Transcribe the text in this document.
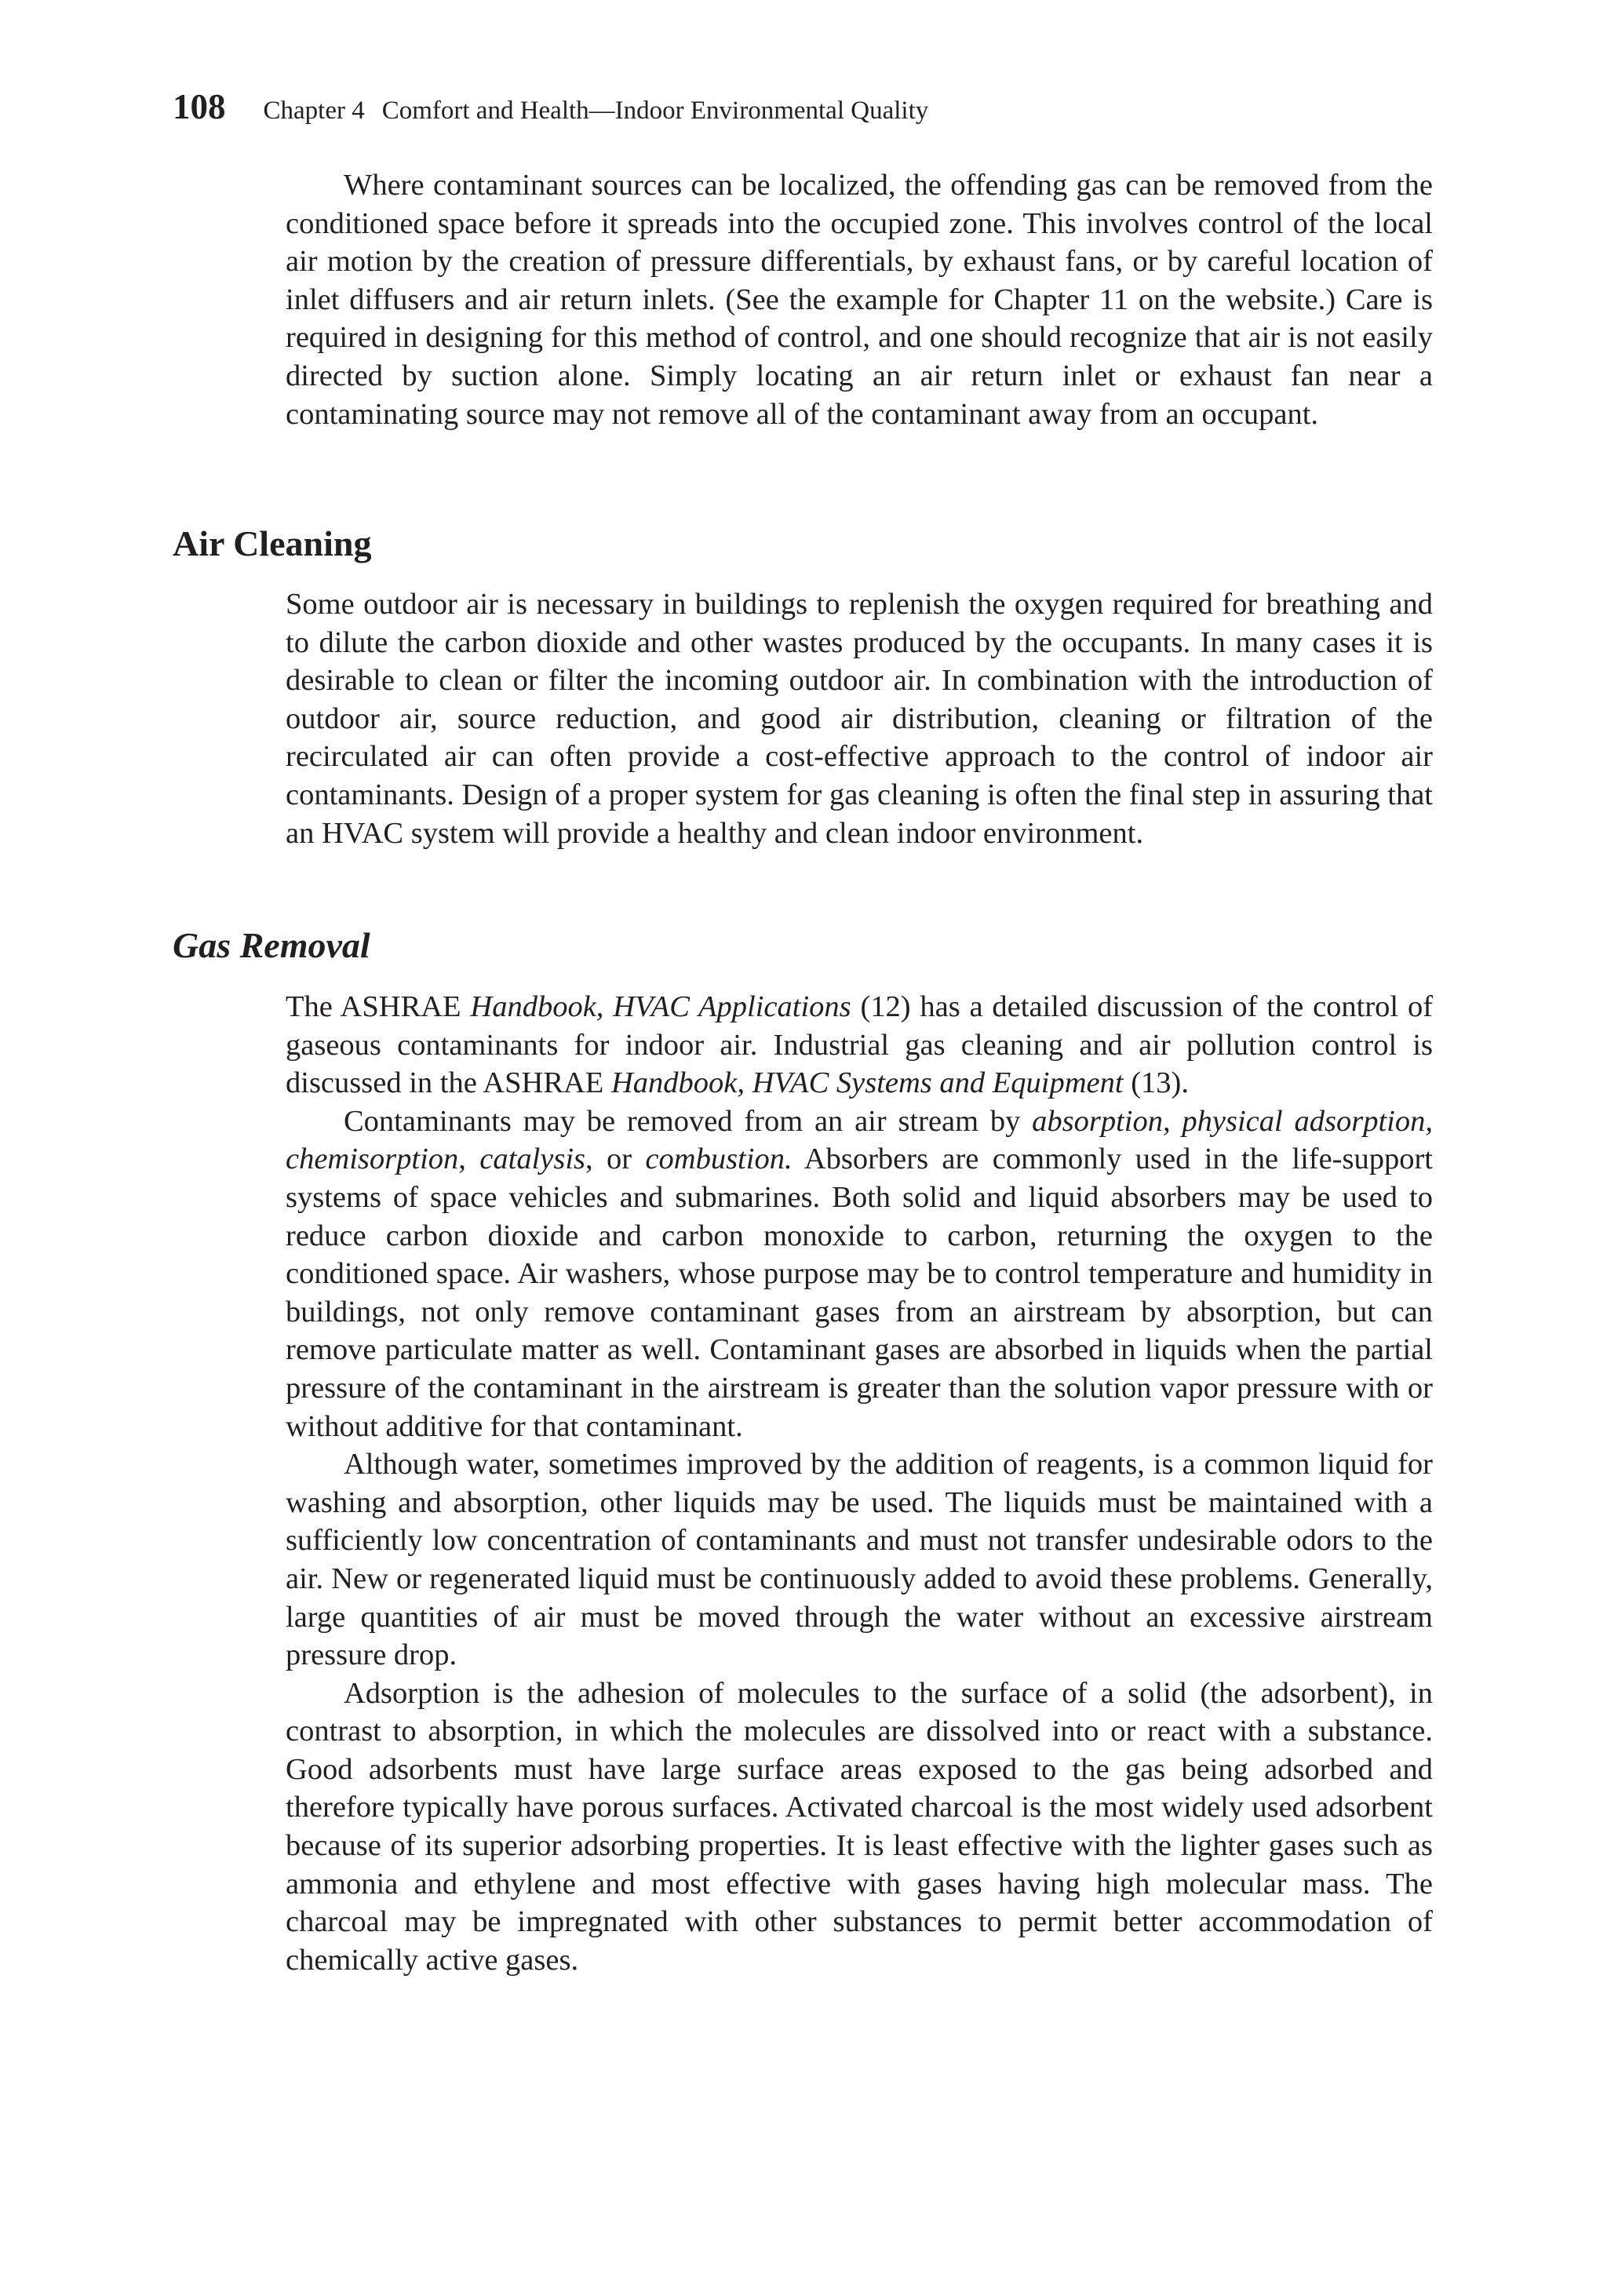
108 Chapter 4 Comfort and Health—Indoor Environmental Quality

Where contaminant sources can be localized, the offending gas can be removed from the conditioned space before it spreads into the occupied zone. This involves control of the local air motion by the creation of pressure differentials, by exhaust fans, or by careful location of inlet diffusers and air return inlets. (See the example for Chapter 11 on the website.) Care is required in designing for this method of control, and one should recognize that air is not easily directed by suction alone. Simply locating an air return inlet or exhaust fan near a contaminating source may not remove all of the contaminant away from an occupant.

Air Cleaning

Some outdoor air is necessary in buildings to replenish the oxygen required for breathing and to dilute the carbon dioxide and other wastes produced by the occupants. In many cases it is desirable to clean or filter the incoming outdoor air. In combination with the introduction of outdoor air, source reduction, and good air distribution, cleaning or filtration of the recirculated air can often provide a cost-effective approach to the control of indoor air contaminants. Design of a proper system for gas cleaning is often the final step in assuring that an HVAC system will provide a healthy and clean indoor environment.

Gas Removal

The ASHRAE Handbook, HVAC Applications (12) has a detailed discussion of the control of gaseous contaminants for indoor air. Industrial gas cleaning and air pollution control is discussed in the ASHRAE Handbook, HVAC Systems and Equipment (13).

Contaminants may be removed from an air stream by absorption, physical adsorption, chemisorption, catalysis, or combustion. Absorbers are commonly used in the life-support systems of space vehicles and submarines. Both solid and liquid absorbers may be used to reduce carbon dioxide and carbon monoxide to carbon, returning the oxygen to the conditioned space. Air washers, whose purpose may be to control temperature and humidity in buildings, not only remove contaminant gases from an airstream by absorption, but can remove particulate matter as well. Contaminant gases are absorbed in liquids when the partial pressure of the contaminant in the airstream is greater than the solution vapor pressure with or without additive for that contaminant.

Although water, sometimes improved by the addition of reagents, is a common liquid for washing and absorption, other liquids may be used. The liquids must be maintained with a sufficiently low concentration of contaminants and must not transfer undesirable odors to the air. New or regenerated liquid must be continuously added to avoid these problems. Generally, large quantities of air must be moved through the water without an excessive airstream pressure drop.

Adsorption is the adhesion of molecules to the surface of a solid (the adsorbent), in contrast to absorption, in which the molecules are dissolved into or react with a substance. Good adsorbents must have large surface areas exposed to the gas being adsorbed and therefore typically have porous surfaces. Activated charcoal is the most widely used adsorbent because of its superior adsorbing properties. It is least effective with the lighter gases such as ammonia and ethylene and most effective with gases having high molecular mass. The charcoal may be impregnated with other substances to permit better accommodation of chemically active gases.
